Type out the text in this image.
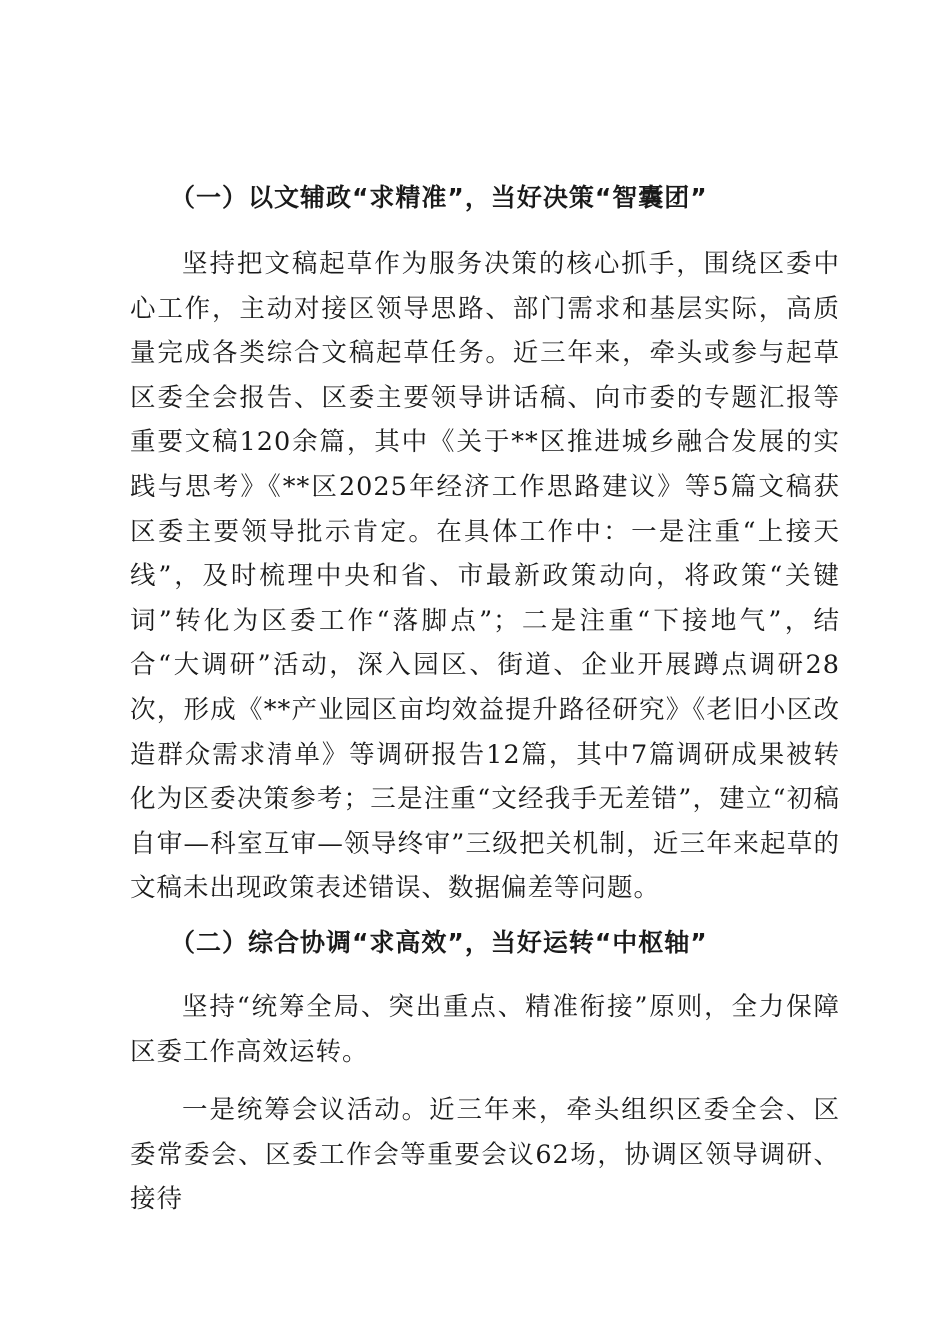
（一）以文辅政“求精准”，当好决策“智囊团”

坚持把文稿起草作为服务决策的核心抓手，围绕区委中心工作，主动对接区领导思路、部门需求和基层实际，高质量完成各类综合文稿起草任务。近三年来，牵头或参与起草区委全会报告、区委主要领导讲话稿、向市委的专题汇报等重要文稿120余篇，其中《关于**区推进城乡融合发展的实践与思考》《**区2025年经济工作思路建议》等5篇文稿获区委主要领导批示肯定。在具体工作中：一是注重“上接天线”，及时梳理中央和省、市最新政策动向，将政策“关键词”转化为区委工作“落脚点”；二是注重“下接地气”，结合“大调研”活动，深入园区、街道、企业开展蹲点调研28次，形成《**产业园区亩均效益提升路径研究》《老旧小区改造群众需求清单》等调研报告12篇，其中7篇调研成果被转化为区委决策参考；三是注重“文经我手无差错”，建立“初稿自审—科室互审—领导终审”三级把关机制，近三年来起草的文稿未出现政策表述错误、数据偏差等问题。

（二）综合协调“求高效”，当好运转“中枢轴”

坚持“统筹全局、突出重点、精准衔接”原则，全力保障区委工作高效运转。

一是统筹会议活动。近三年来，牵头组织区委全会、区委常委会、区委工作会等重要会议62场，协调区领导调研、接待
